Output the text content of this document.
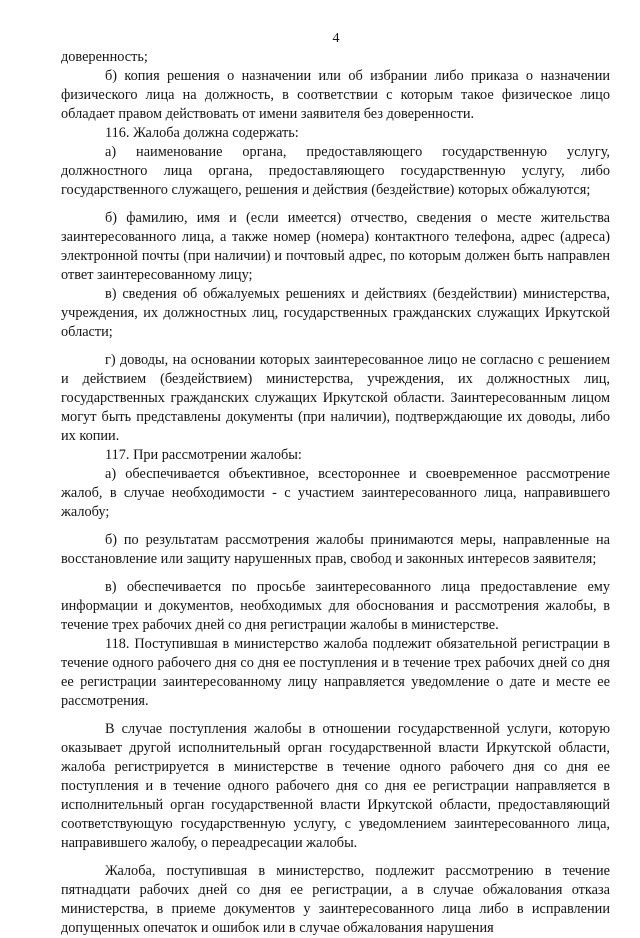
4

доверенность;

б) копия решения о назначении или об избрании либо приказа о назначении физического лица на должность, в соответствии с которым такое физическое лицо обладает правом действовать от имени заявителя без доверенности.

116. Жалоба должна содержать:

а) наименование органа, предоставляющего государственную услугу, должностного лица органа, предоставляющего государственную услугу, либо государственного служащего, решения и действия (бездействие) которых обжалуются;

б) фамилию, имя и (если имеется) отчество, сведения о месте жительства заинтересованного лица, а также номер (номера) контактного телефона, адрес (адреса) электронной почты (при наличии) и почтовый адрес, по которым должен быть направлен ответ заинтересованному лицу;

в) сведения об обжалуемых решениях и действиях (бездействии) министерства, учреждения, их должностных лиц, государственных гражданских служащих Иркутской области;

г) доводы, на основании которых заинтересованное лицо не согласно с решением и действием (бездействием) министерства, учреждения, их должностных лиц, государственных гражданских служащих Иркутской области. Заинтересованным лицом могут быть представлены документы (при наличии), подтверждающие их доводы, либо их копии.

117. При рассмотрении жалобы:

а) обеспечивается объективное, всестороннее и своевременное рассмотрение жалоб, в случае необходимости - с участием заинтересованного лица, направившего жалобу;

б) по результатам рассмотрения жалобы принимаются меры, направленные на восстановление или защиту нарушенных прав, свобод и законных интересов заявителя;

в) обеспечивается по просьбе заинтересованного лица предоставление ему информации и документов, необходимых для обоснования и рассмотрения жалобы, в течение трех рабочих дней со дня регистрации жалобы в министерстве.

118. Поступившая в министерство жалоба подлежит обязательной регистрации в течение одного рабочего дня со дня ее поступления и в течение трех рабочих дней со дня ее регистрации заинтересованному лицу направляется уведомление о дате и месте ее рассмотрения.

В случае поступления жалобы в отношении государственной услуги, которую оказывает другой исполнительный орган государственной власти Иркутской области, жалоба регистрируется в министерстве в течение одного рабочего дня со дня ее поступления и в течение одного рабочего дня со дня ее регистрации направляется в исполнительный орган государственной власти Иркутской области, предоставляющий соответствующую государственную услугу, с уведомлением заинтересованного лица, направившего жалобу, о переадресации жалобы.

Жалоба, поступившая в министерство, подлежит рассмотрению в течение пятнадцати рабочих дней со дня ее регистрации, а в случае обжалования отказа министерства, в приеме документов у заинтересованного лица либо в исправлении допущенных опечаток и ошибок или в случае обжалования нарушения
